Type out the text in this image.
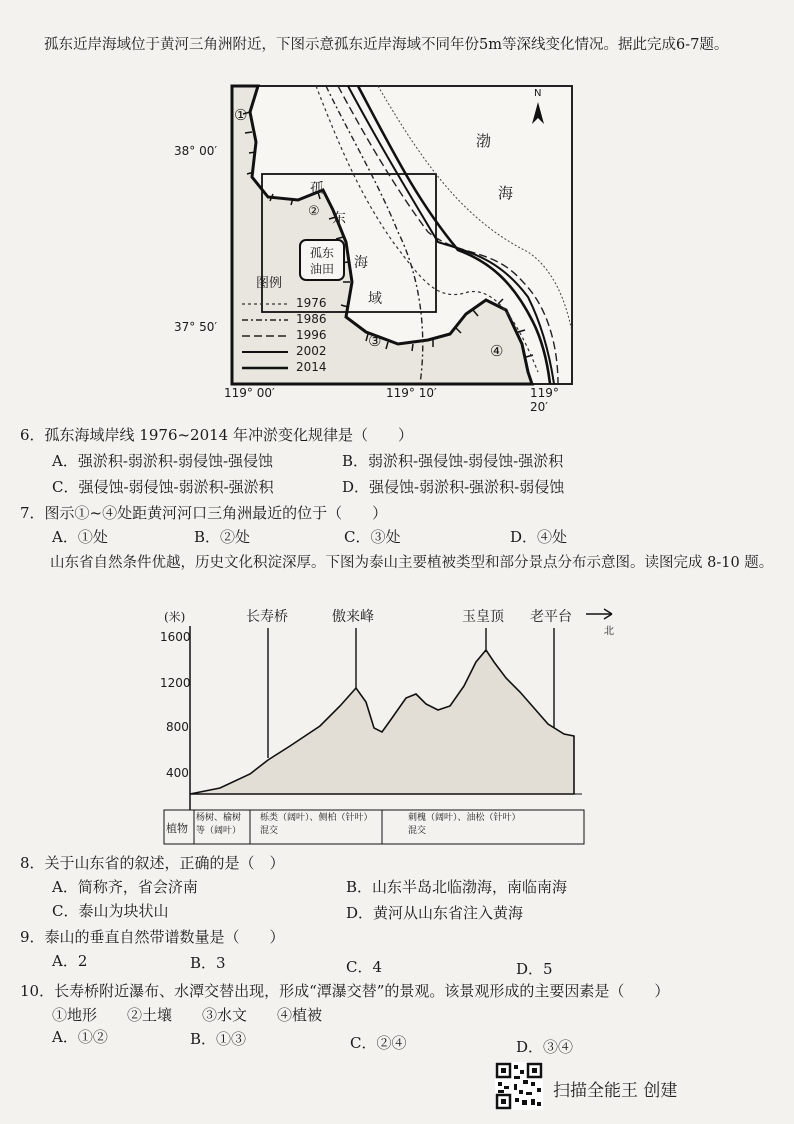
孤东近岸海域位于黄河三角洲附近，下图示意孤东近岸海域不同年份5m等深线变化情况。据此完成6-7题。
38° 00′
37° 50′
119° 00′	119° 10′	119° 20′
N
渤
海
孤
东
海
域
孤东
油田
①
②
③
④
图例
1976
1986
1996
2002
2014
6．孤东海域岸线 1976~2014 年冲淤变化规律是（　　）
A．强淤积-弱淤积-弱侵蚀-强侵蚀	B．弱淤积-强侵蚀-弱侵蚀-强淤积
C．强侵蚀-弱侵蚀-弱淤积-强淤积	D．强侵蚀-弱淤积-强淤积-弱侵蚀
7．图示①~④处距黄河河口三角洲最近的位于（　　）
A．①处	B．②处	C．③处	D．④处
山东省自然条件优越，历史文化积淀深厚。下图为泰山主要植被类型和部分景点分布示意图。读图完成 8-10 题。
(米)
1600
1200
800
400
长寿桥	傲来峰	玉皇顶 老平台
北
植物
杨树、榆树等（阔叶）
栎类（阔叶）、侧柏（针叶）混交
刺槐（阔叶）、油松（针叶）混交
8．关于山东省的叙述，正确的是（　）
A．简称齐，省会济南	B．山东半岛北临渤海，南临南海
C．泰山为块状山	D．黄河从山东省注入黄海
9．泰山的垂直自然带谱数量是（　　）
A．2	B．3	C．4	D．5
10．长寿桥附近瀑布、水潭交替出现，形成“潭瀑交替”的景观。该景观形成的主要因素是（　　）
①地形　　②土壤　　③水文　　④植被
A．①②	B．①③	C．②④	D．③④
扫描全能王 创建
